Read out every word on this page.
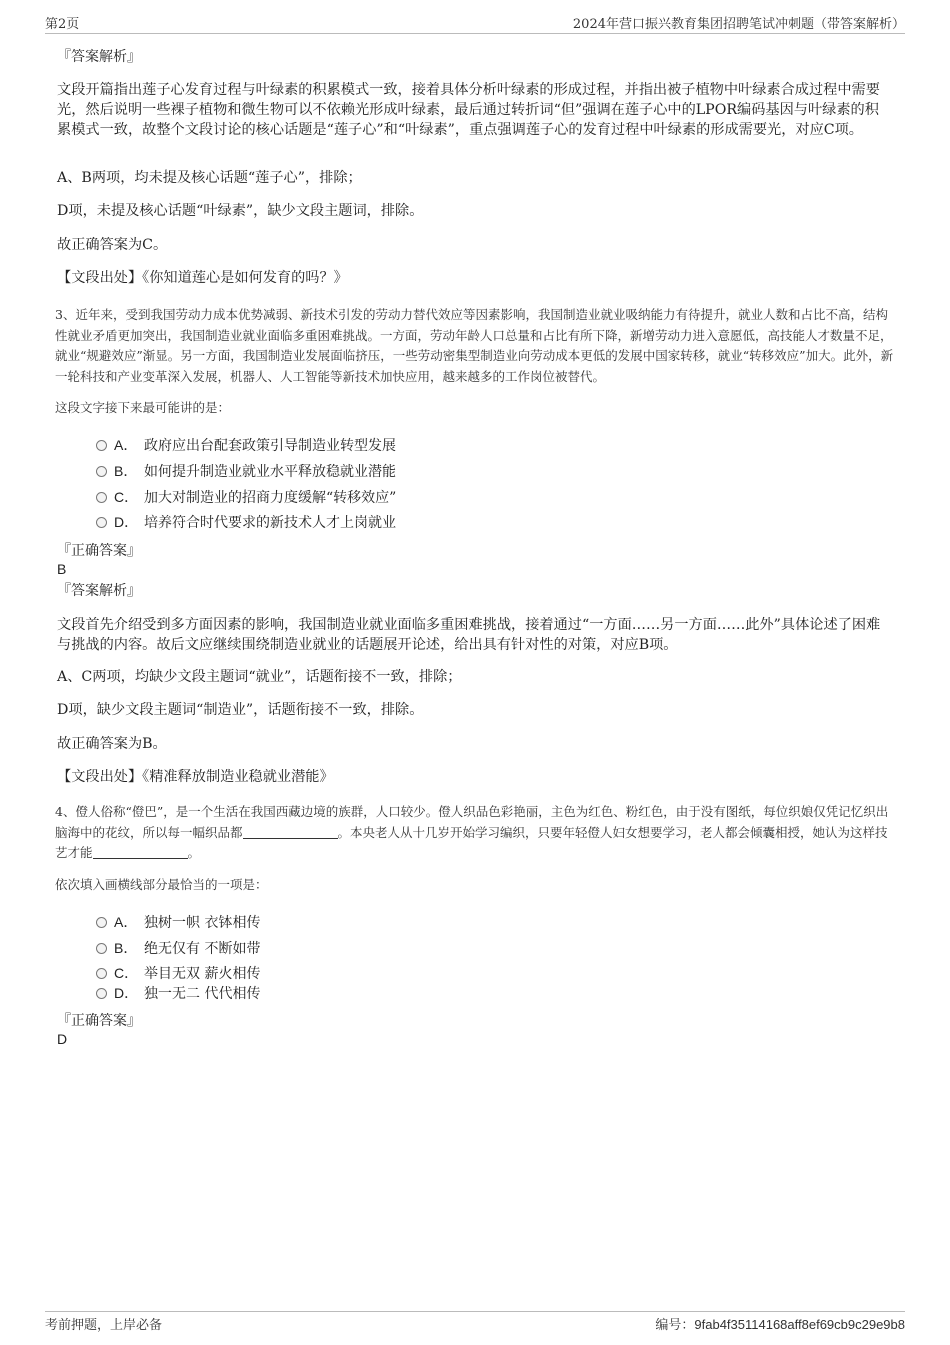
第2页	2024年营口振兴教育集团招聘笔试冲刺题（带答案解析）
『答案解析』
文段开篇指出莲子心发育过程与叶绿素的积累模式一致，接着具体分析叶绿素的形成过程，并指出被子植物中叶绿素合成过程中需要光，然后说明一些裸子植物和微生物可以不依赖光形成叶绿素，最后通过转折词“但”强调在莲子心中的LPOR编码基因与叶绿素的积累模式一致，故整个文段讨论的核心话题是“莲子心”和“叶绿素”，重点强调莲子心的发育过程中叶绿素的形成需要光，对应C项。
A、B两项，均未提及核心话题“莲子心”，排除；
D项，未提及核心话题“叶绿素”，缺少文段主题词，排除。
故正确答案为C。
【文段出处】《你知道莲心是如何发育的吗？》
3、近年来，受到我国劳动力成本优势减弱、新技术引发的劳动力替代效应等因素影响，我国制造业就业吸纳能力有待提升，就业人数和占比不高，结构性就业矛盾更加突出，我国制造业就业面临多重困难挑战。一方面，劳动年龄人口总量和占比有所下降，新增劳动力进入意愿低，高技能人才数量不足，就业“规避效应”渐显。另一方面，我国制造业发展面临挤压，一些劳动密集型制造业向劳动成本更低的发展中国家转移，就业“转移效应”加大。此外，新一轮科技和产业变革深入发展，机器人、人工智能等新技术加快应用，越来越多的工作岗位被替代。
这段文字接下来最可能讲的是：
A． 政府应出台配套政策引导制造业转型发展
B． 如何提升制造业就业水平释放稳就业潜能
C． 加大对制造业的招商力度缓解“转移效应”
D． 培养符合时代要求的新技术人才上岗就业
『正确答案』
B
『答案解析』
文段首先介绍受到多方面因素的影响，我国制造业就业面临多重困难挑战，接着通过“一方面……另一方面……此外”具体论述了困难与挑战的内容。故后文应继续围绕制造业就业的话题展开论述，给出具有针对性的对策，对应B项。
A、C两项，均缺少文段主题词“就业”，话题衔接不一致，排除；
D项，缺少文段主题词“制造业”，话题衔接不一致，排除。
故正确答案为B。
【文段出处】《精准释放制造业稳就业潜能》
4、僜人俗称“僜巴”，是一个生活在我国西藏边境的族群，人口较少。僜人织品色彩艳丽，主色为红色、粉红色，由于没有图纸，每位织娘仅凭记忆织出脑海中的花纹，所以每一幅织品都	。本央老人从十几岁开始学习编织，只要年轻僜人妇女想要学习，老人都会倾囊相授，她认为这样技艺才能	。
依次填入画横线部分最恰当的一项是：
A． 独树一帜 衣钵相传
B． 绝无仅有 不断如带
C． 举目无双 薪火相传
D． 独一无二 代代相传
『正确答案』
D
考前押题，上岸必备	编号：9fab4f35114168aff8ef69cb9c29e9b8
